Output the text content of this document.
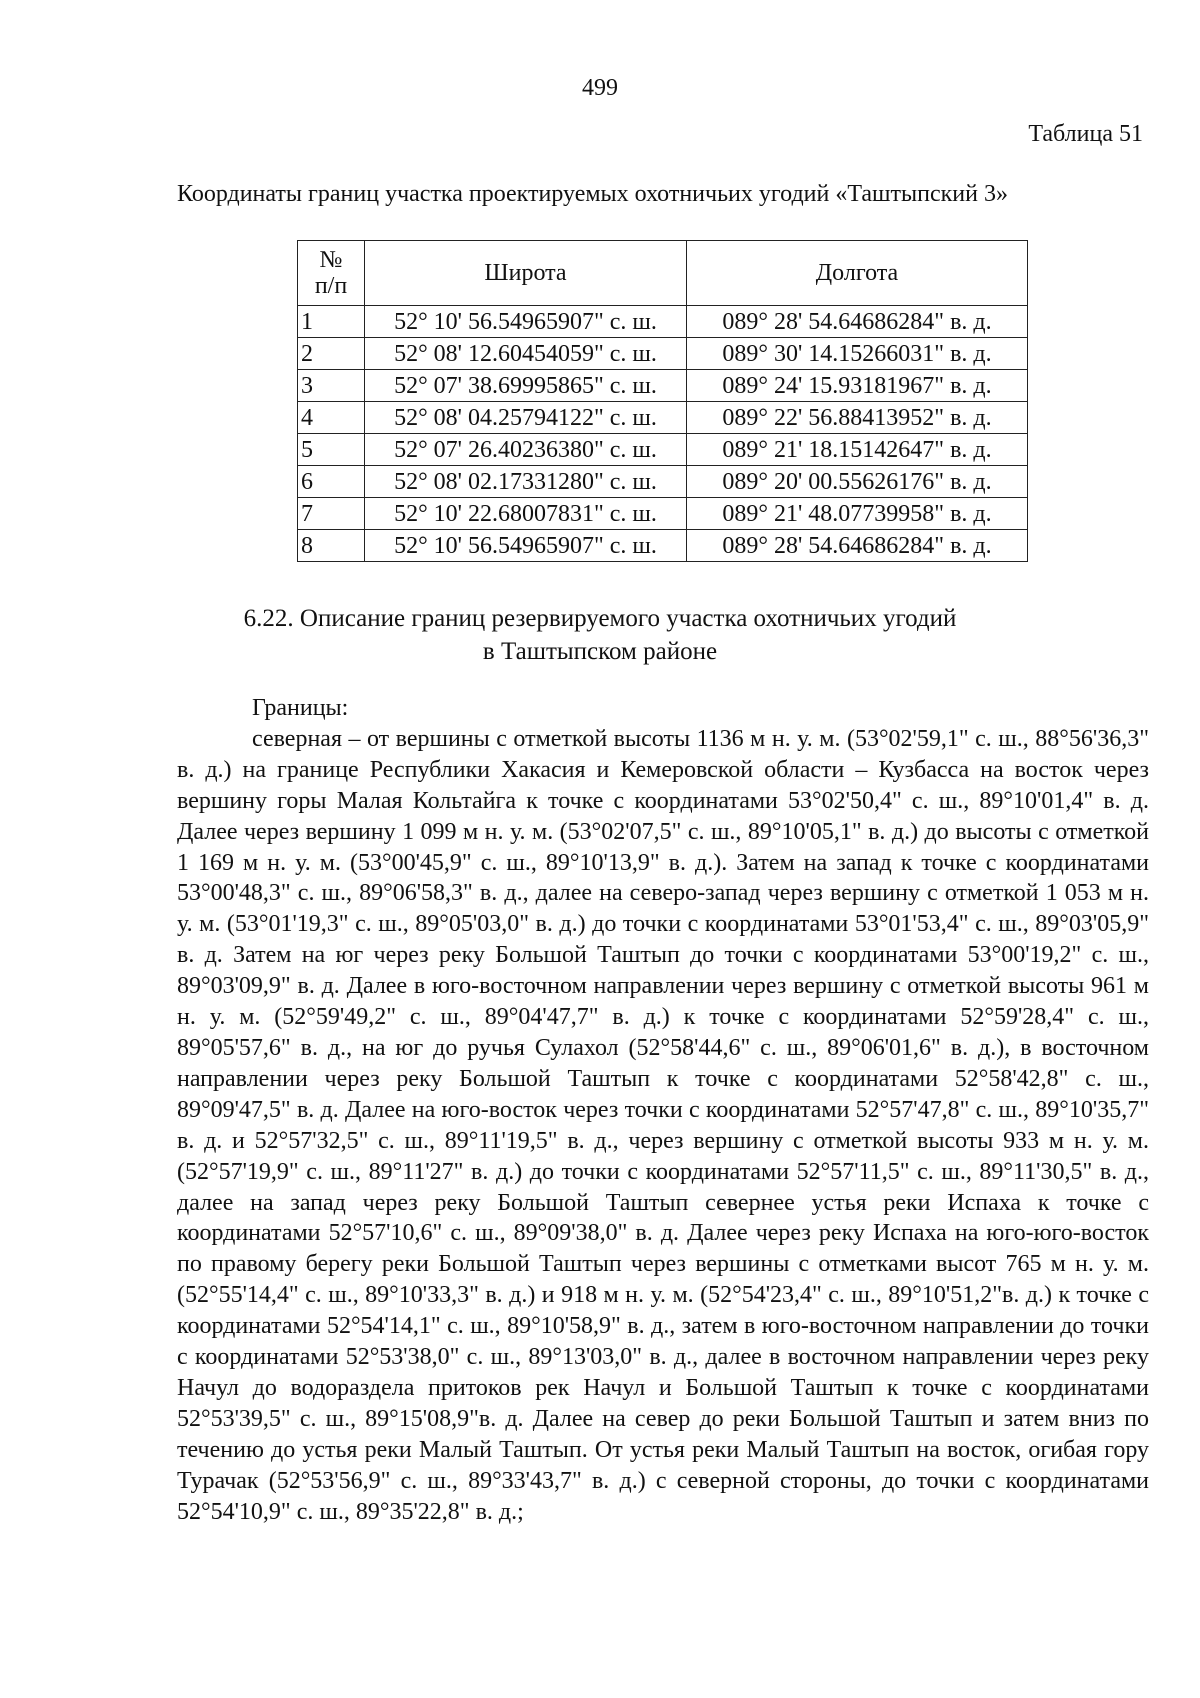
499
Таблица 51
Координаты границ участка проектируемых охотничьих угодий «Таштыпский 3»
№
п/п	Широта	Долгота
1	52° 10' 56.54965907" с. ш.	089° 28' 54.64686284" в. д.
2	52° 08' 12.60454059" с. ш.	089° 30' 14.15266031" в. д.
3	52° 07' 38.69995865" с. ш.	089° 24' 15.93181967" в. д.
4	52° 08' 04.25794122" с. ш.	089° 22' 56.88413952" в. д.
5	52° 07' 26.40236380" с. ш.	089° 21' 18.15142647" в. д.
6	52° 08' 02.17331280" с. ш.	089° 20' 00.55626176" в. д.
7	52° 10' 22.68007831" с. ш.	089° 21' 48.07739958" в. д.
8	52° 10' 56.54965907" с. ш.	089° 28' 54.64686284" в. д.
6.22. Описание границ резервируемого участка охотничьих угодий
в Таштыпском районе

Границы:

северная – от вершины с отметкой высоты 1136 м н. у. м. (53°02'59,1" с. ш., 88°56'36,3" в. д.) на границе Республики Хакасия и Кемеровской области – Кузбасса на восток через вершину горы Малая Кольтайга к точке с координатами 53°02'50,4" с. ш., 89°10'01,4" в. д. Далее через вершину 1 099 м н. у. м. (53°02'07,5" с. ш., 89°10'05,1" в. д.) до высоты с отметкой 1 169 м н. у. м. (53°00'45,9" с. ш., 89°10'13,9" в. д.). Затем на запад к точке с координатами 53°00'48,3" с. ш., 89°06'58,3" в. д., далее на северо-запад через вершину с отметкой 1 053 м н. у. м. (53°01'19,3" с. ш., 89°05'03,0" в. д.) до точки с координатами 53°01'53,4" с. ш., 89°03'05,9" в. д. Затем на юг через реку Большой Таштып до точки с координатами 53°00'19,2" с. ш., 89°03'09,9" в. д. Далее в юго-восточном направлении через вершину с отметкой высоты 961 м н. у. м. (52°59'49,2" с. ш., 89°04'47,7" в. д.) к точке с координатами 52°59'28,4" с. ш., 89°05'57,6" в. д., на юг до ручья Сулахол (52°58'44,6" с. ш., 89°06'01,6" в. д.), в восточном направлении через реку Большой Таштып к точке с координатами 52°58'42,8" с. ш., 89°09'47,5" в. д. Далее на юго-восток через точки с координатами 52°57'47,8" с. ш., 89°10'35,7" в. д. и 52°57'32,5" с. ш., 89°11'19,5" в. д., через вершину с отметкой высоты 933 м н. у. м. (52°57'19,9" с. ш., 89°11'27" в. д.) до точки с координатами 52°57'11,5" с. ш., 89°11'30,5" в. д., далее на запад через реку Большой Таштып севернее устья реки Испаха к точке с координатами 52°57'10,6" с. ш., 89°09'38,0" в. д. Далее через реку Испаха на юго-юго-восток по правому берегу реки Большой Таштып через вершины с отметками высот 765 м н. у. м. (52°55'14,4" с. ш., 89°10'33,3" в. д.) и 918 м н. у. м. (52°54'23,4" с. ш., 89°10'51,2"в. д.) к точке с координатами 52°54'14,1" с. ш., 89°10'58,9" в. д., затем в юго-восточном направлении до точки с координатами 52°53'38,0" с. ш., 89°13'03,0" в. д., далее в восточном направлении через реку Начул до водораздела притоков рек Начул и Большой Таштып к точке с координатами 52°53'39,5" с. ш., 89°15'08,9"в. д. Далее на север до реки Большой Таштып и затем вниз по течению до устья реки Малый Таштып. От устья реки Малый Таштып на восток, огибая гору Турачак (52°53'56,9" с. ш., 89°33'43,7" в. д.) с северной стороны, до точки с координатами 52°54'10,9" с. ш., 89°35'22,8" в. д.;
